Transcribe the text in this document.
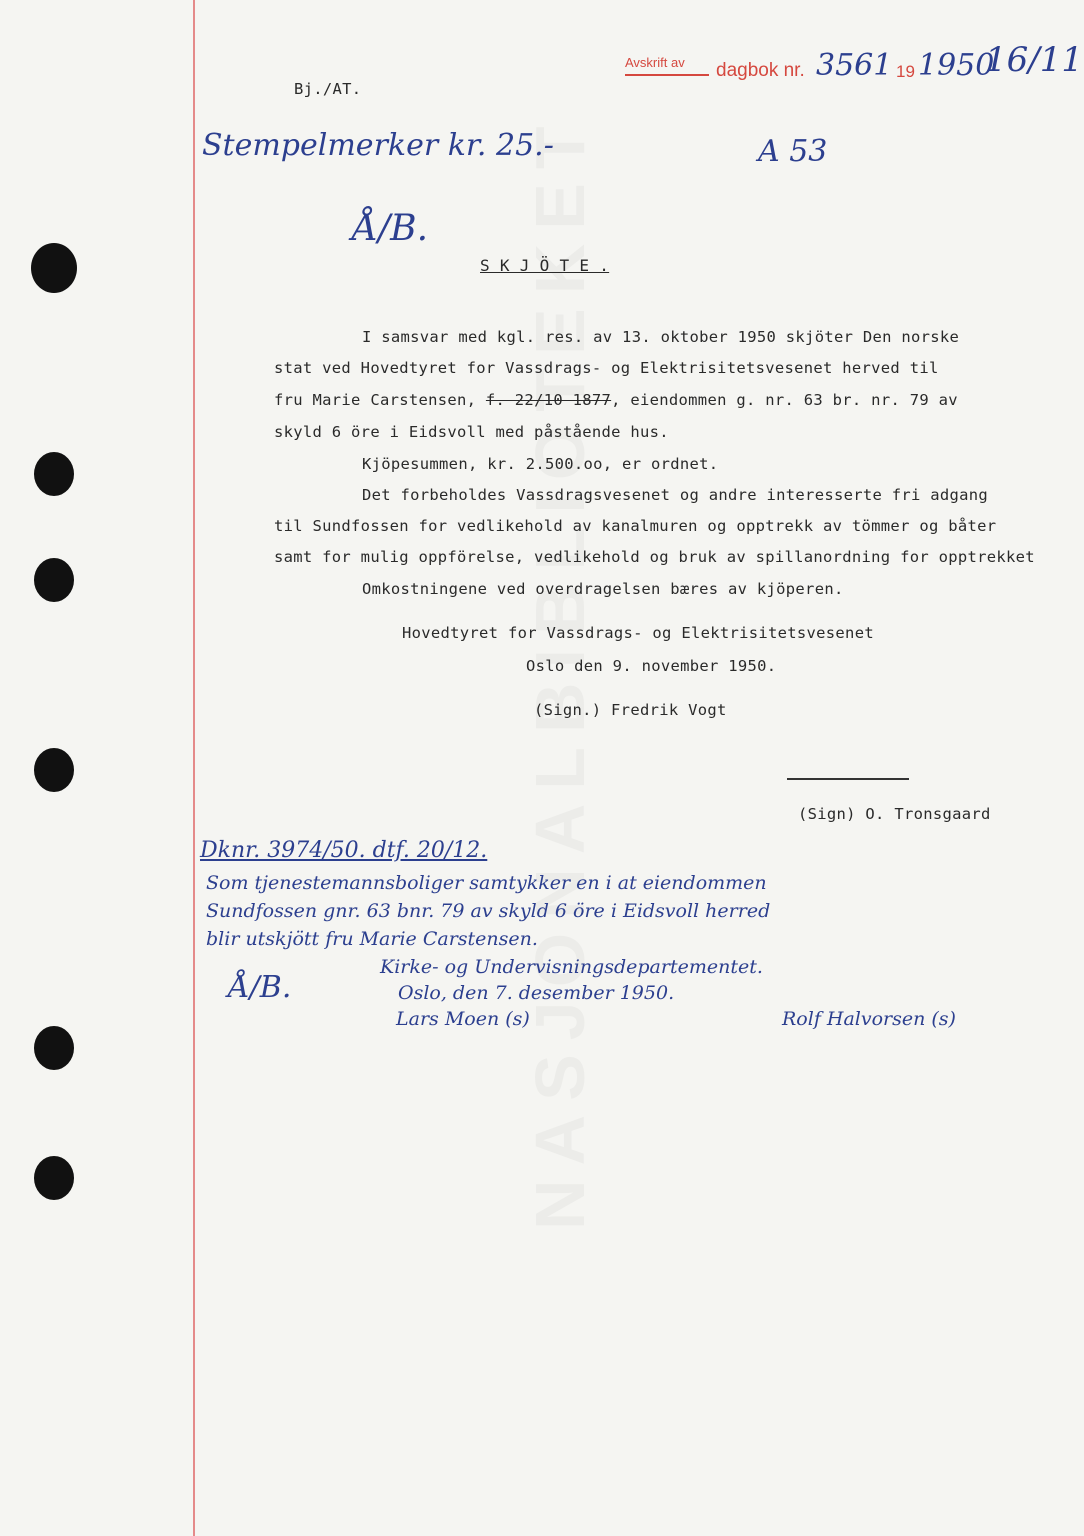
Bj./AT.
Avskrift av	dagbok nr. 3561 19 1950
16/11
Stempelmerker kr. 25.-	A 53
Å/B.
S K J Ö T E .
I samsvar med kgl. res. av 13. oktober 1950 skjöter Den norske
stat ved Hovedtyret for Vassdrags- og Elektrisitetsvesenet herved til
fru Marie Carstensen, f. 22/10 1877, eiendommen g. nr. 63 br. nr. 79 av
skyld 6 öre i Eidsvoll med påstående hus.
Kjöpesummen, kr. 2.500.oo, er ordnet.
Det forbeholdes Vassdragsvesenet og andre interesserte fri adgang
til Sundfossen for vedlikehold av kanalmuren og opptrekk av tömmer og båter
samt for mulig oppförelse, vedlikehold og bruk av spillanordning for opptrekket
Omkostningene ved overdragelsen bæres av kjöperen.
Hovedtyret for Vassdrags- og Elektrisitetsvesenet
Oslo den 9. november 1950.
(Sign.) Fredrik Vogt
(Sign) O. Tronsgaard
Dknr. 3974/50. dtf. 20/12.
Som tjenestemannsboliger samtykker en i at eiendommen
Sundfossen gnr. 63 bnr. 79 av skyld 6 öre i Eidsvoll herred
blir utskjött fru Marie Carstensen.
Å/B.
Kirke- og Undervisningsdepartementet.
Oslo, den 7. desember 1950.
Lars Moen (s)	Rolf Halvorsen (s)
